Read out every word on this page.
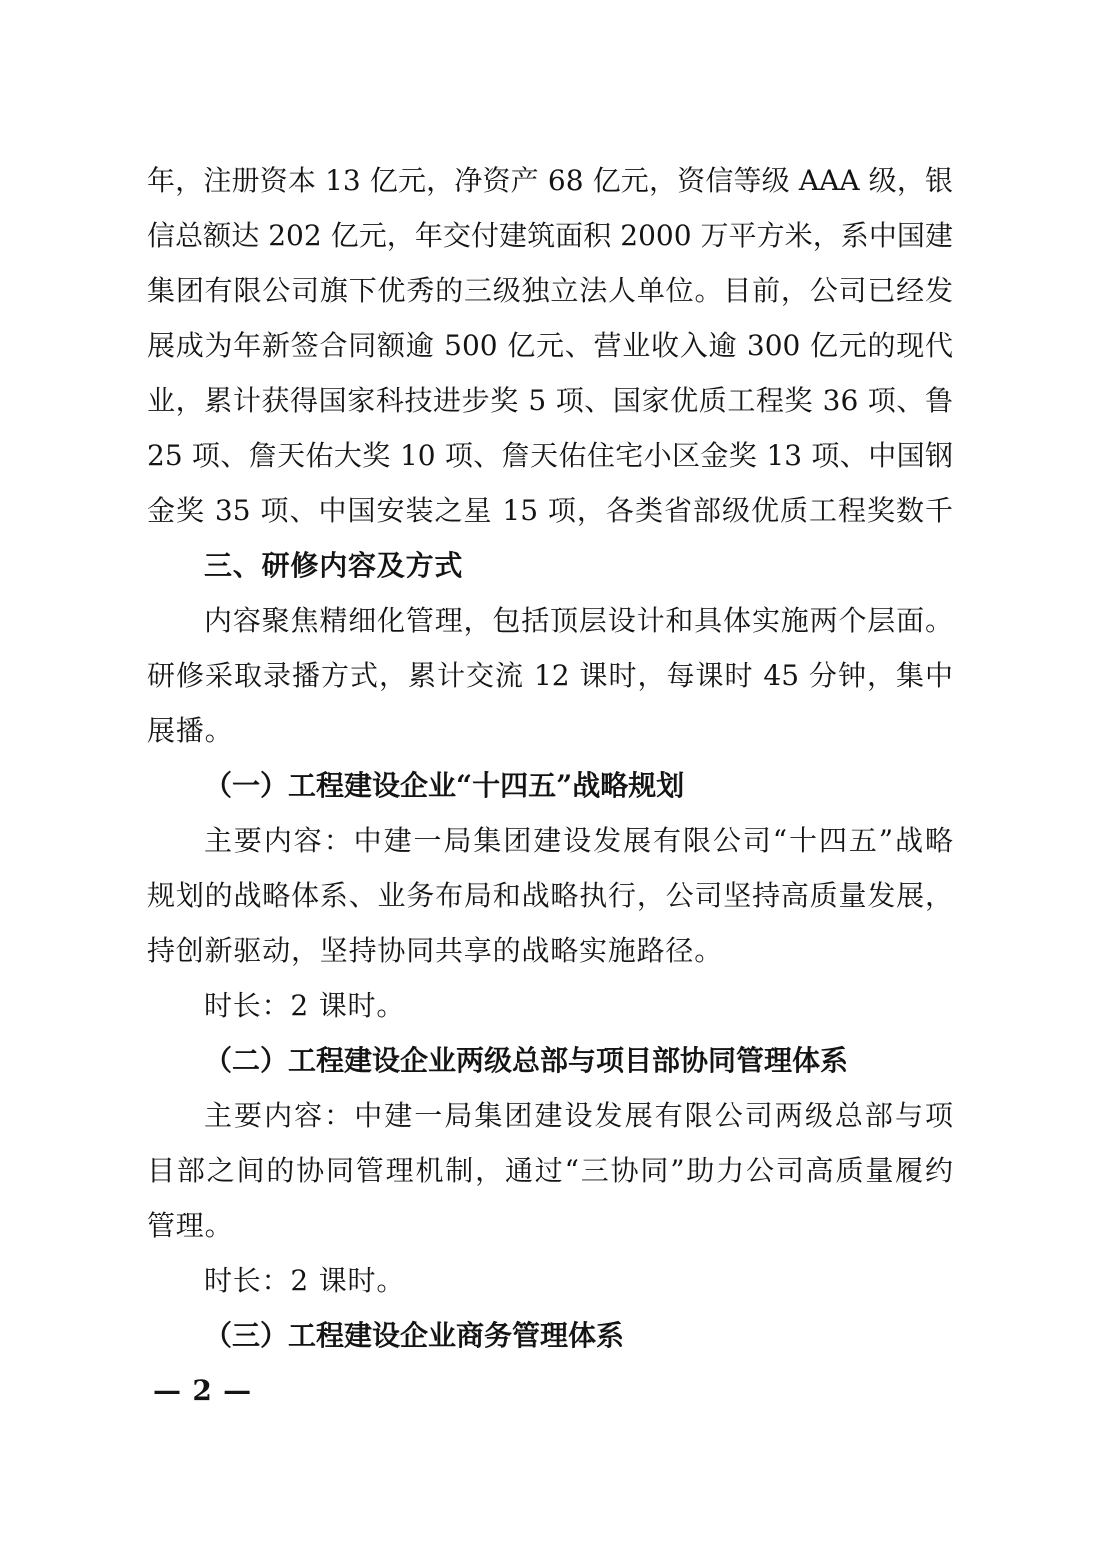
年，注册资本 13 亿元，净资产 68 亿元，资信等级 AAA 级，银
信总额达 202 亿元，年交付建筑面积 2000 万平方米，系中国建
集团有限公司旗下优秀的三级独立法人单位。目前，公司已经发
展成为年新签合同额逾 500 亿元、营业收入逾 300 亿元的现代
业，累计获得国家科技进步奖 5 项、国家优质工程奖 36 项、鲁
25 项、詹天佑大奖 10 项、詹天佑住宅小区金奖 13 项、中国钢
金奖 35 项、中国安装之星 15 项，各类省部级优质工程奖数千
三、研修内容及方式
内容聚焦精细化管理，包括顶层设计和具体实施两个层面。
研修采取录播方式，累计交流 12 课时，每课时 45 分钟，集中
展播。
（一）工程建设企业“十四五”战略规划
主要内容：中建一局集团建设发展有限公司“十四五”战略
规划的战略体系、业务布局和战略执行，公司坚持高质量发展，
持创新驱动，坚持协同共享的战略实施路径。
时长：2 课时。
（二）工程建设企业两级总部与项目部协同管理体系
主要内容：中建一局集团建设发展有限公司两级总部与项
目部之间的协同管理机制，通过“三协同”助力公司高质量履约
管理。
时长：2 课时。
（三）工程建设企业商务管理体系
— 2 —
